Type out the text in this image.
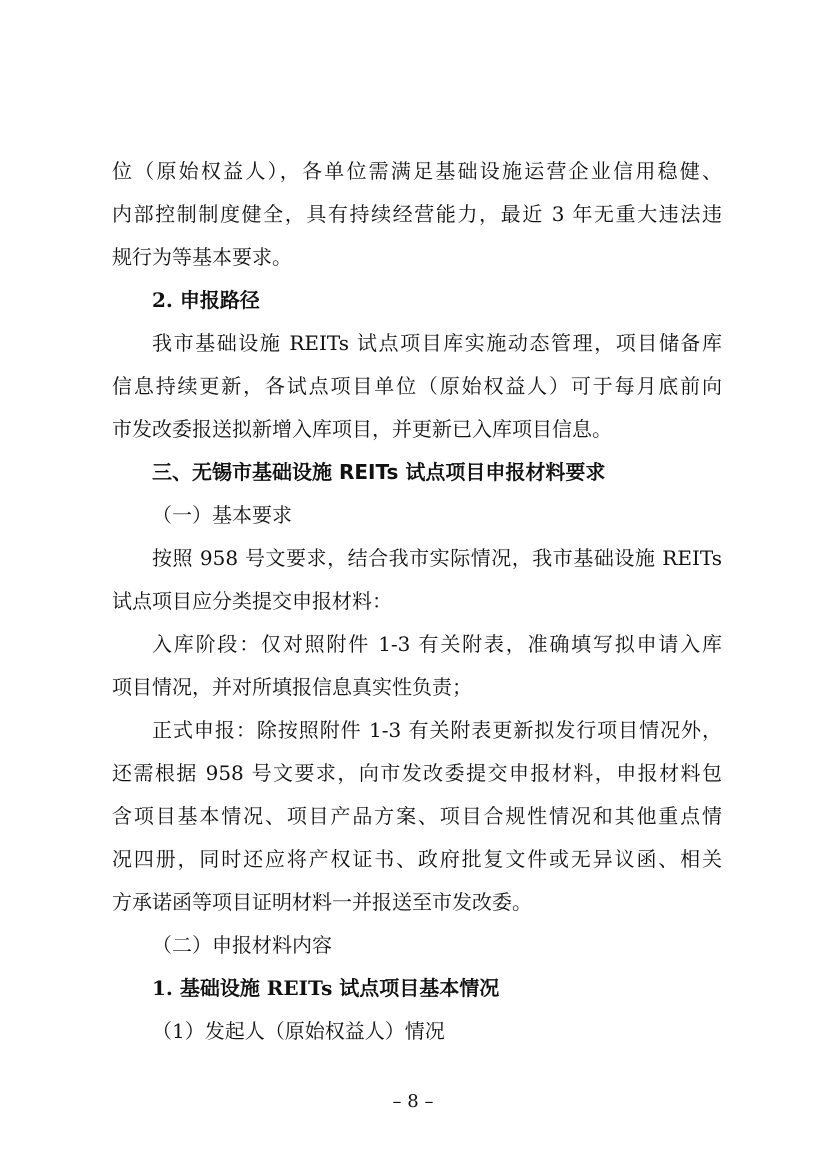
位（原始权益人），各单位需满足基础设施运营企业信用稳健、
内部控制制度健全，具有持续经营能力，最近 3 年无重大违法违
规行为等基本要求。
2. 申报路径
我市基础设施 REITs 试点项目库实施动态管理，项目储备库
信息持续更新，各试点项目单位（原始权益人）可于每月底前向
市发改委报送拟新增入库项目，并更新已入库项目信息。
三、无锡市基础设施 REITs 试点项目申报材料要求
（一）基本要求
按照 958 号文要求，结合我市实际情况，我市基础设施 REITs
试点项目应分类提交申报材料：
入库阶段：仅对照附件 1-3 有关附表，准确填写拟申请入库
项目情况，并对所填报信息真实性负责；
正式申报：除按照附件 1-3 有关附表更新拟发行项目情况外，
还需根据 958 号文要求，向市发改委提交申报材料，申报材料包
含项目基本情况、项目产品方案、项目合规性情况和其他重点情
况四册，同时还应将产权证书、政府批复文件或无异议函、相关
方承诺函等项目证明材料一并报送至市发改委。
（二）申报材料内容
1. 基础设施 REITs 试点项目基本情况
（1）发起人（原始权益人）情况
– 8 –
